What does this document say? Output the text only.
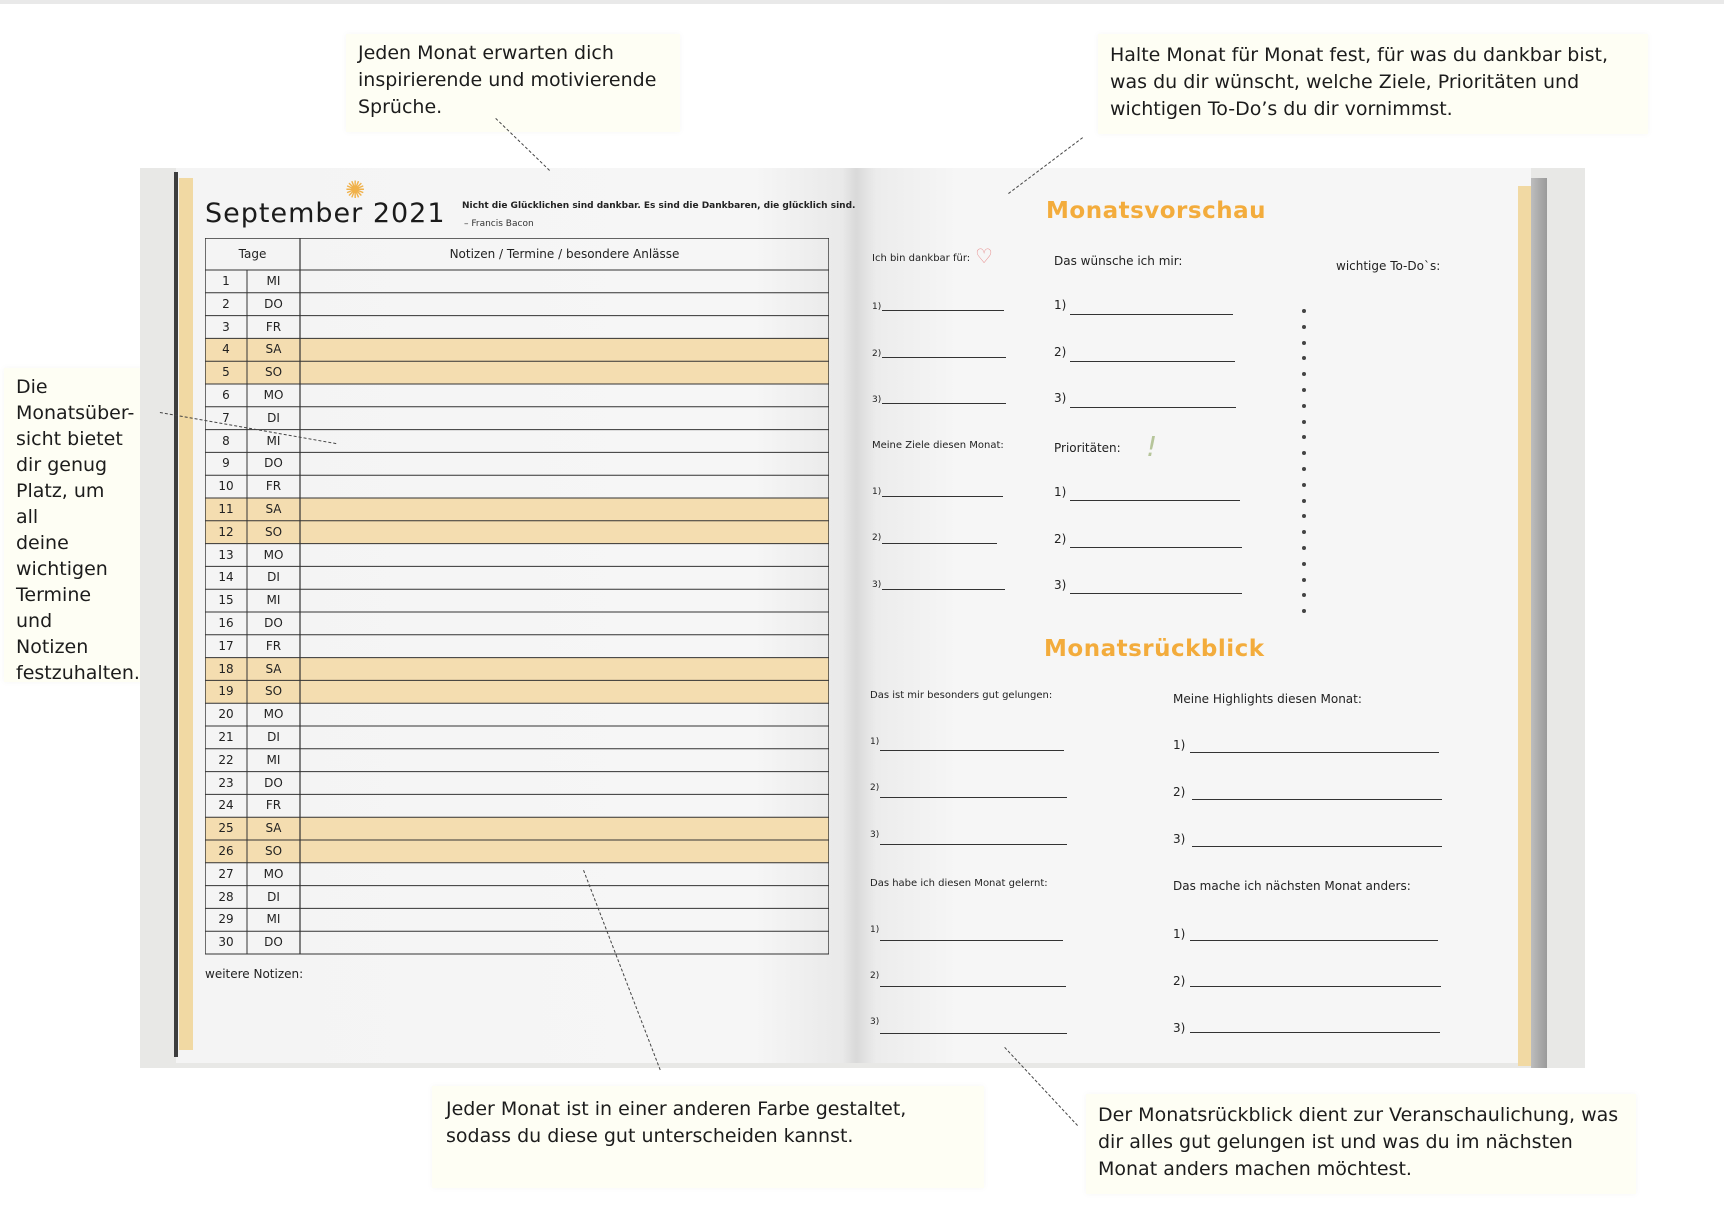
Jeden Monat erwarten dich
inspirierende und motivierende
Sprüche.
Halte Monat für Monat fest, für was du dankbar bist,
was du dir wünscht, welche Ziele, Prioritäten und
wichtigen To-Do’s du dir vornimmst.
Die
Monatsüber-
sicht bietet
dir genug
Platz, um all
deine
wichtigen
Termine und
Notizen
festzuhalten.
Jeder Monat ist in einer anderen Farbe gestaltet,
sodass du diese gut unterscheiden kannst.
Der Monatsrückblick dient zur Veranschaulichung, was
dir alles gut gelungen ist und was du im nächsten
Monat anders machen möchtest.
September 2021
✺
Nicht die Glücklichen sind dankbar. Es sind die Dankbaren, die glücklich sind.
– Francis Bacon
Tage	Notizen / Termine / besondere Anlässe
1	MI
2	DO
3	FR
4	SA
5	SO
6	MO
7	DI
8	MI
9	DO
10	FR
11	SA
12	SO
13	MO
14	DI
15	MI
16	DO
17	FR
18	SA
19	SO
20	MO
21	DI
22	MI
23	DO
24	FR
25	SA
26	SO
27	MO
28	DI
29	MI
30	DO
weitere Notizen:
Monatsvorschau
Ich bin dankbar für: ♡	Das wünsche ich mir:	wichtige To-Do`s:
Meine Ziele diesen Monat:	Prioritäten: !
1)
2)
3)
1)
2)
3)
1)
2)
3)
1)
2)
3)
Monatsrückblick
Das ist mir besonders gut gelungen:	Meine Highlights diesen Monat:
Das habe ich diesen Monat gelernt:	Das mache ich nächsten Monat anders:
1)
2)
3)
1)
2)
3)
1)
2)
3)
1)
2)
3)
